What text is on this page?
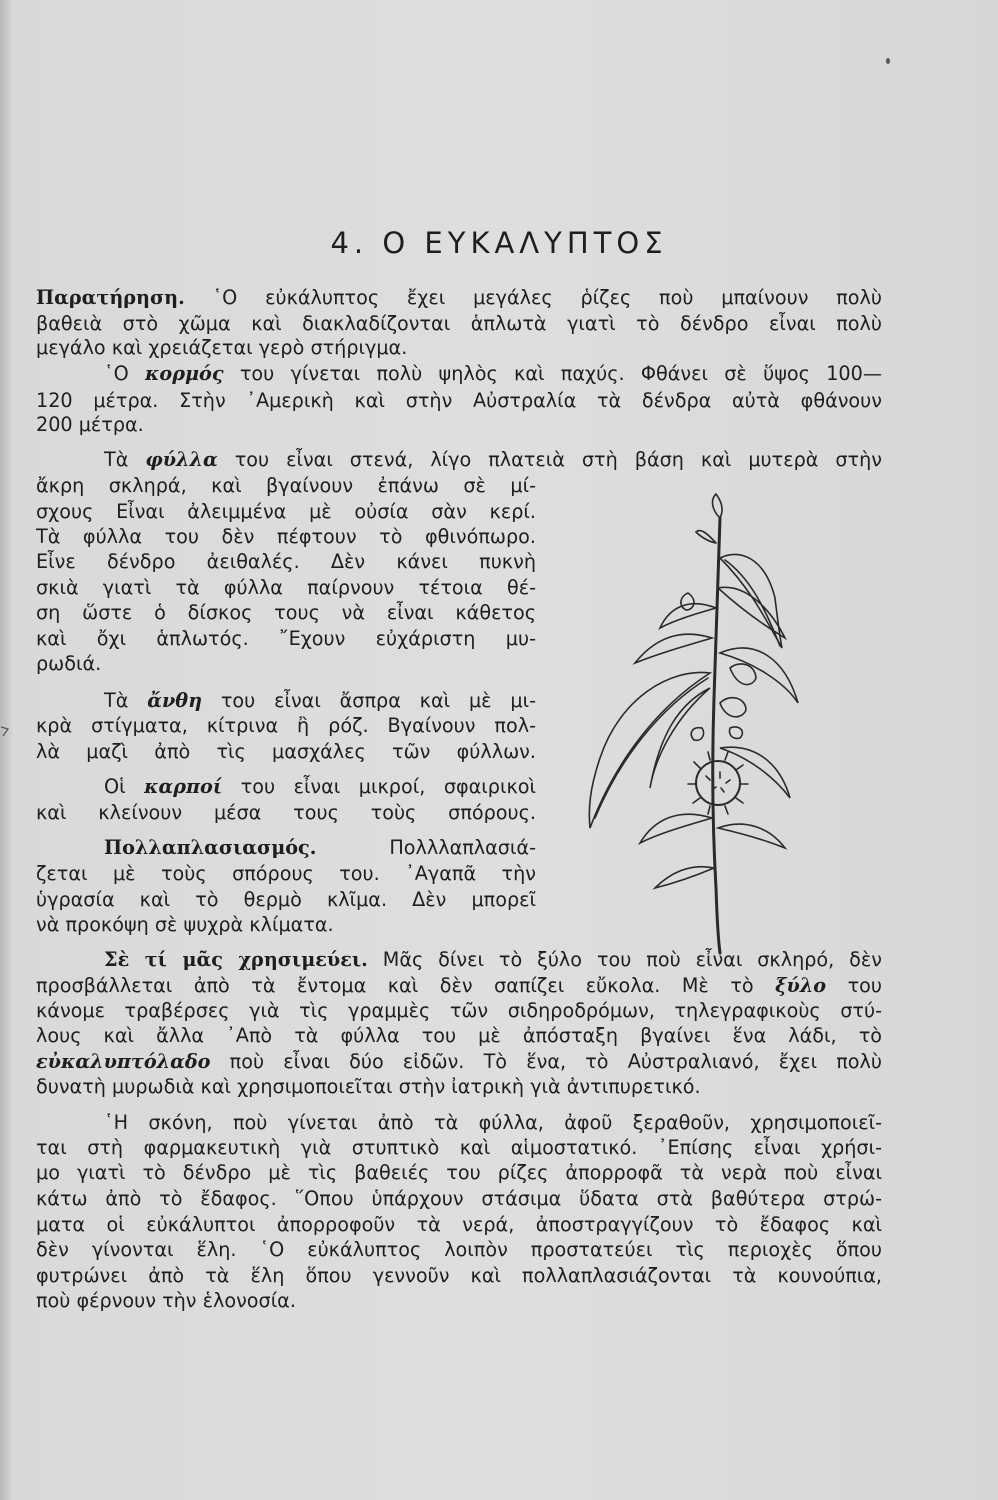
4. Ο ΕΥΚΑΛΥΠΤΟΣ

Παρατήρηση. ῾Ο εὐκάλυπτος ἔχει μεγάλες ῥίζες ποὺ μπαίνουν πολὺ

βαθειὰ στὸ χῶμα καὶ διακλαδίζονται ἁπλωτὰ γιατὶ τὸ δένδρο εἶναι πολὺ

μεγάλο καὶ χρειάζεται γερὸ στήριγμα.

῾Ο κορμός του γίνεται πολὺ ψηλὸς καὶ παχύς. Φθάνει σὲ ὕψος 100—

120 μέτρα. Στὴν ᾽Αμερικὴ καὶ στὴν Αὐστραλία τὰ δένδρα αὐτὰ φθάνουν

200 μέτρα.

Τὰ φύλλα του εἶναι στενά, λίγο πλατειὰ στὴ βάση καὶ μυτερὰ στὴν

ἄκρη σκληρά, καὶ βγαίνουν ἐπάνω σὲ μί-

σχους Εἶναι ἀλειμμένα μὲ οὐσία σὰν κερί.

Τὰ φύλλα του δὲν πέφτουν τὸ φθινόπωρο.

Εἶνε δένδρο ἀειθαλές. Δὲν κάνει πυκνὴ

σκιὰ γιατὶ τὰ φύλλα παίρνουν τέτοια θέ-

ση ὥστε ὁ δίσκος τους νὰ εἶναι κάθετος

καὶ ὄχι ἁπλωτός. ῎Εχουν εὐχάριστη μυ-

ρωδιά.

Τὰ ἄνθη του εἶναι ἄσπρα καὶ μὲ μι-

κρὰ στίγματα, κίτρινα ἢ ρόζ. Βγαίνουν πολ-

λὰ μαζὶ ἀπὸ τὶς μασχάλες τῶν φύλλων.

Οἱ καρποί του εἶναι μικροί, σφαιρικοὶ

καὶ κλείνουν μέσα τους τοὺς σπόρους.

Πολλαπλασιασμός. Πολλλαπλασιά-

ζεται μὲ τοὺς σπόρους του. ᾽Αγαπᾶ τὴν

ὑγρασία καὶ τὸ θερμὸ κλῖμα. Δὲν μπορεῖ

νὰ προκόψη σὲ ψυχρὰ κλίματα.

Σὲ τί μᾶς χρησιμεύει. Μᾶς δίνει τὸ ξύλο του ποὺ εἶναι σκληρό, δὲν

προσβάλλεται ἀπὸ τὰ ἔντομα καὶ δὲν σαπίζει εὔκολα. Μὲ τὸ ξύλο του

κάνομε τραβέρσες γιὰ τὶς γραμμὲς τῶν σιδηροδρόμων, τηλεγραφικοὺς στύ-

λους καὶ ἄλλα ᾽Απὸ τὰ φύλλα του μὲ ἀπόσταξη βγαίνει ἕνα λάδι, τὸ

εὐκαλυπτόλαδο ποὺ εἶναι δύο εἰδῶν. Τὸ ἕνα, τὸ Αὐστραλιανό, ἔχει πολὺ

δυνατὴ μυρωδιὰ καὶ χρησιμοποιεῖται στὴν ἰατρικὴ γιὰ ἀντιπυρετικό.

῾Η σκόνη, ποὺ γίνεται ἀπὸ τὰ φύλλα, ἀφοῦ ξεραθοῦν, χρησιμοποιεῖ-

ται στὴ φαρμακευτικὴ γιὰ στυπτικὸ καὶ αἱμοστατικό. ᾽Επίσης εἶναι χρήσι-

μο γιατὶ τὸ δένδρο μὲ τὶς βαθειές του ρίζες ἀπορροφᾶ τὰ νερὰ ποὺ εἶναι

κάτω ἀπὸ τὸ ἔδαφος. ῞Οπου ὑπάρχουν στάσιμα ὕδατα στὰ βαθύτερα στρώ-

ματα οἱ εὐκάλυπτοι ἀπορροφοῦν τὰ νερά, ἀποστραγγίζουν τὸ ἔδαφος καὶ

δὲν γίνονται ἕλη. ῾Ο εὐκάλυπτος λοιπὸν προστατεύει τὶς περιοχὲς ὅπου

φυτρώνει ἀπὸ τὰ ἕλη ὅπου γεννοῦν καὶ πολλαπλασιάζονται τὰ κουνούπια,

ποὺ φέρνουν τὴν ἑλονοσία.
